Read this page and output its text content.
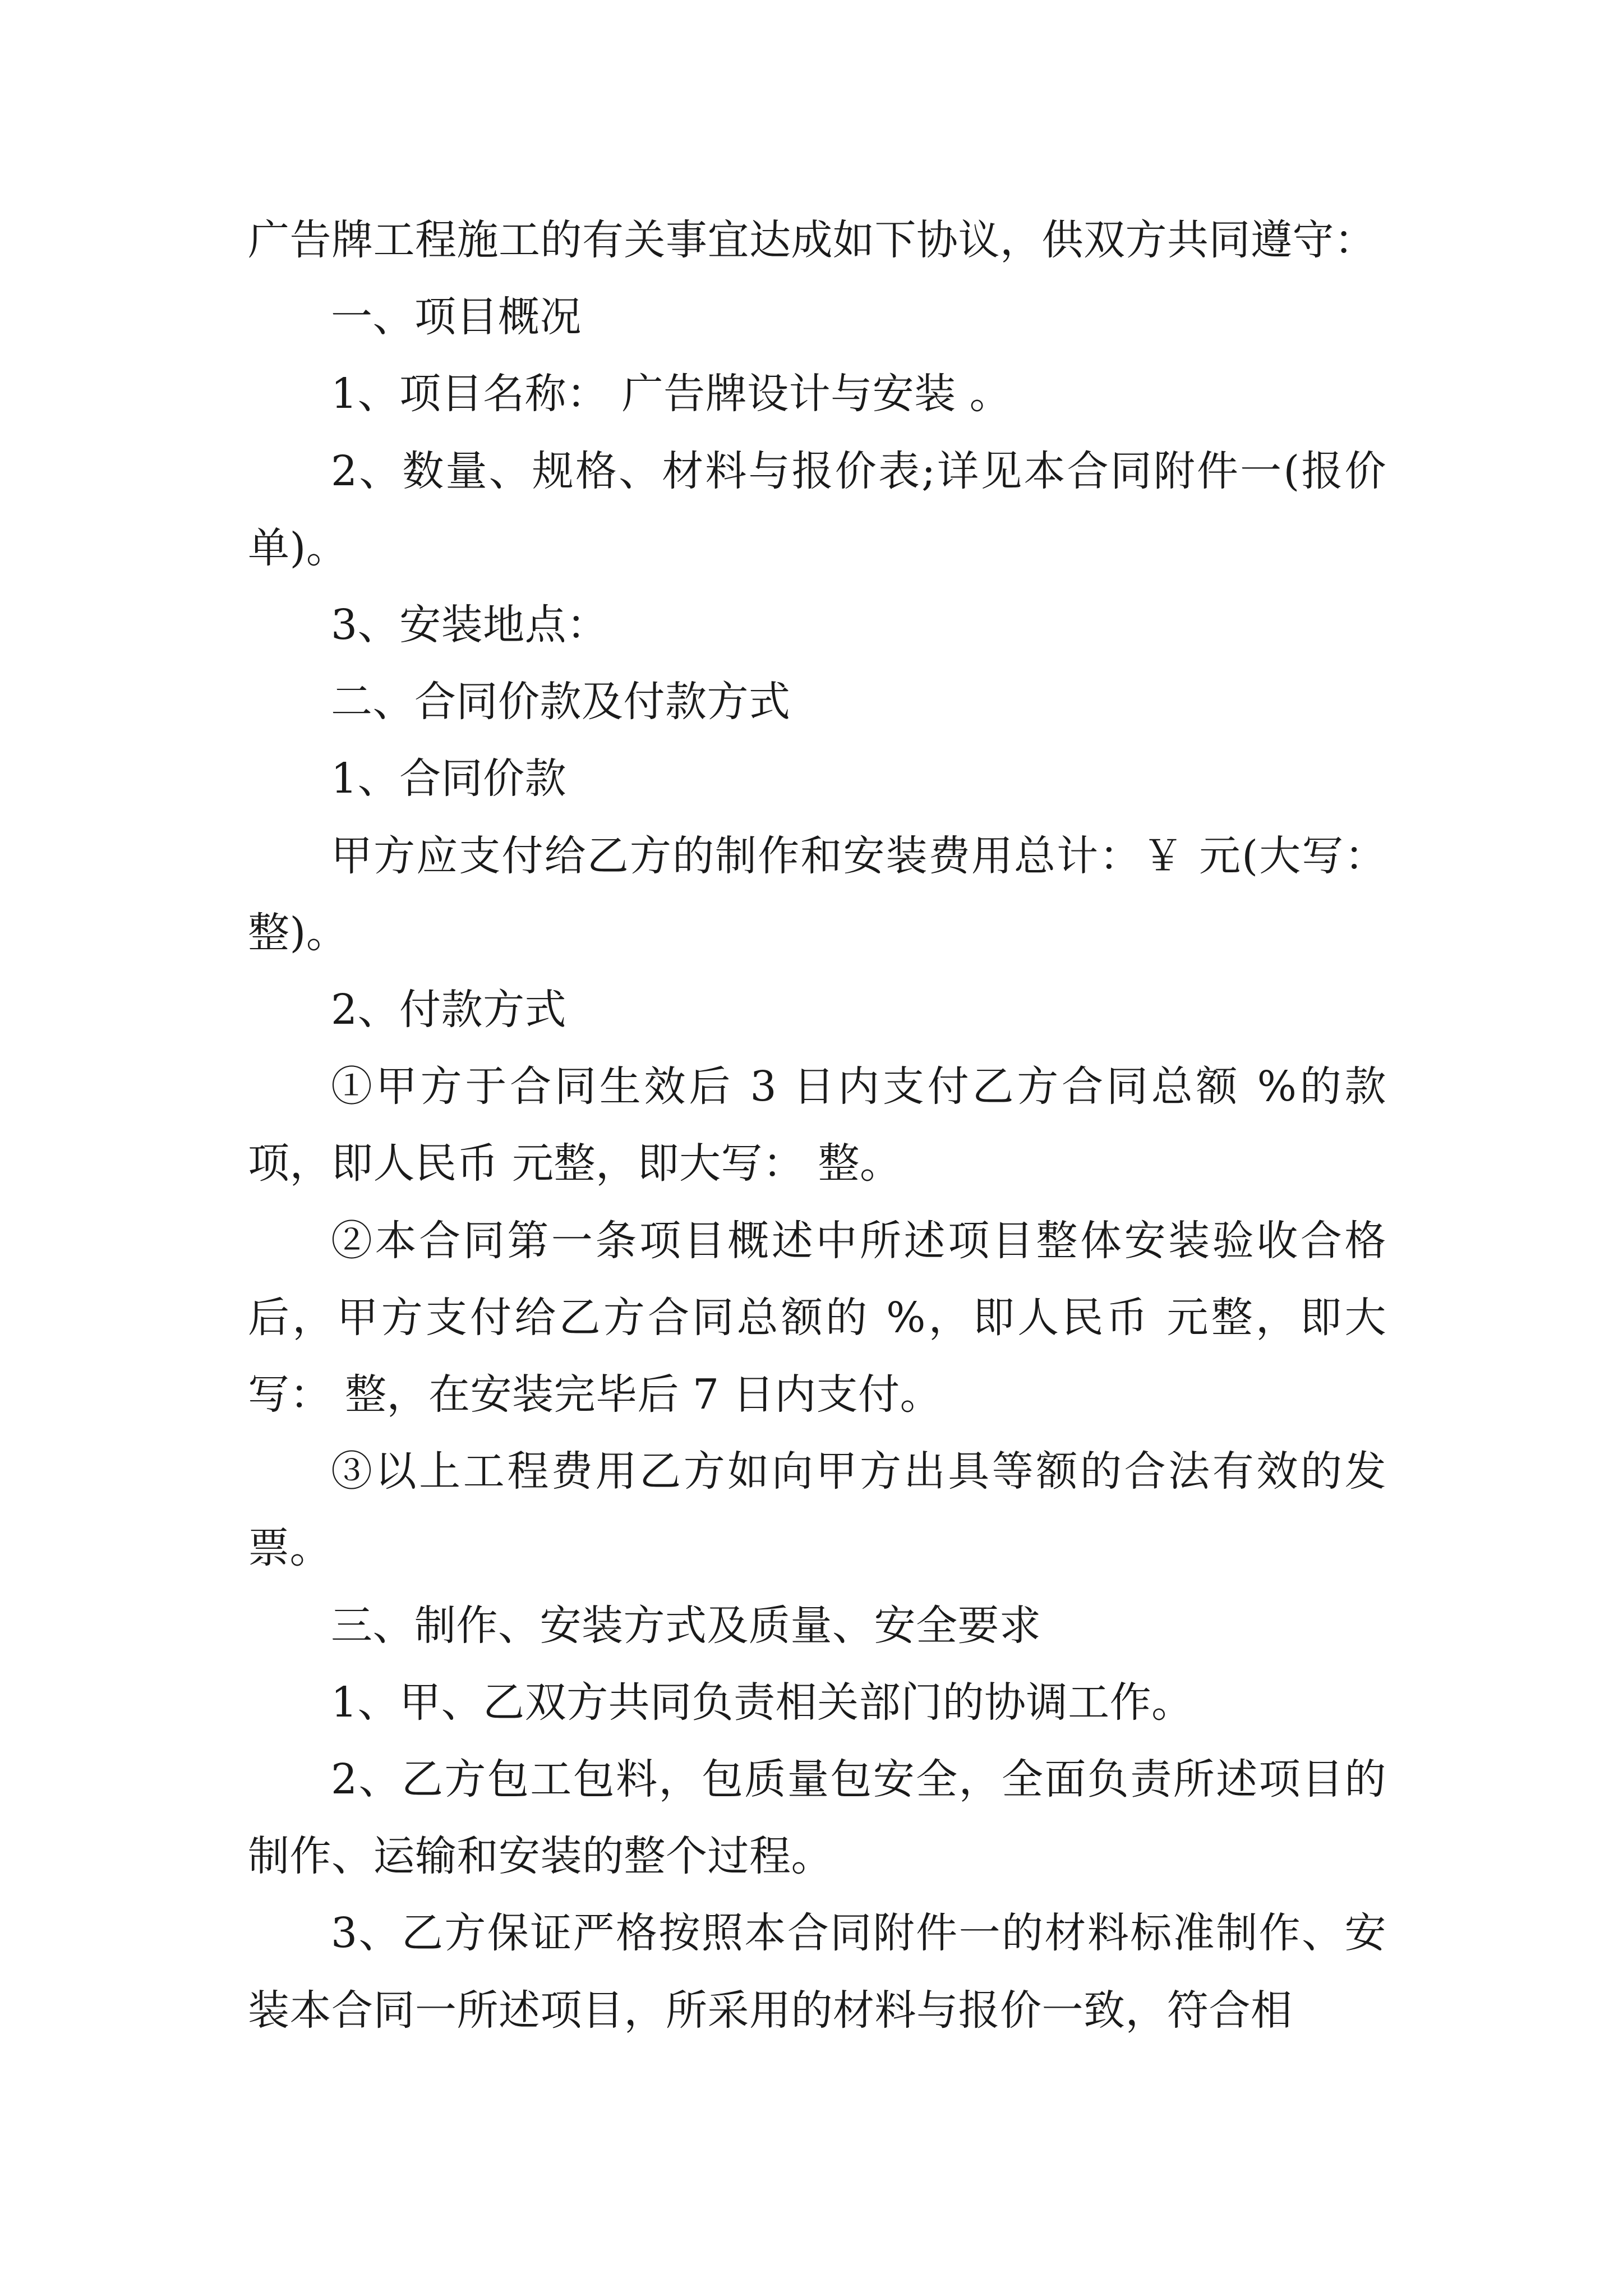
广告牌工程施工的有关事宜达成如下协议，供双方共同遵守：

一、项目概况

1、项目名称： 广告牌设计与安装 。

2、数量、规格、材料与报价表;详见本合同附件一(报价单)。

3、安装地点：

二、合同价款及付款方式

1、合同价款

甲方应支付给乙方的制作和安装费用总计：￥ 元(大写：整)。

2、付款方式

①甲方于合同生效后 3 日内支付乙方合同总额 %的款项，即人民币 元整，即大写： 整。

②本合同第一条项目概述中所述项目整体安装验收合格后，甲方支付给乙方合同总额的 %，即人民币 元整，即大写： 整，在安装完毕后 7 日内支付。

③以上工程费用乙方如向甲方出具等额的合法有效的发票。

三、制作、安装方式及质量、安全要求

1、甲、乙双方共同负责相关部门的协调工作。

2、乙方包工包料，包质量包安全，全面负责所述项目的制作、运输和安装的整个过程。

3、乙方保证严格按照本合同附件一的材料标准制作、安装本合同一所述项目，所采用的材料与报价一致，符合相
